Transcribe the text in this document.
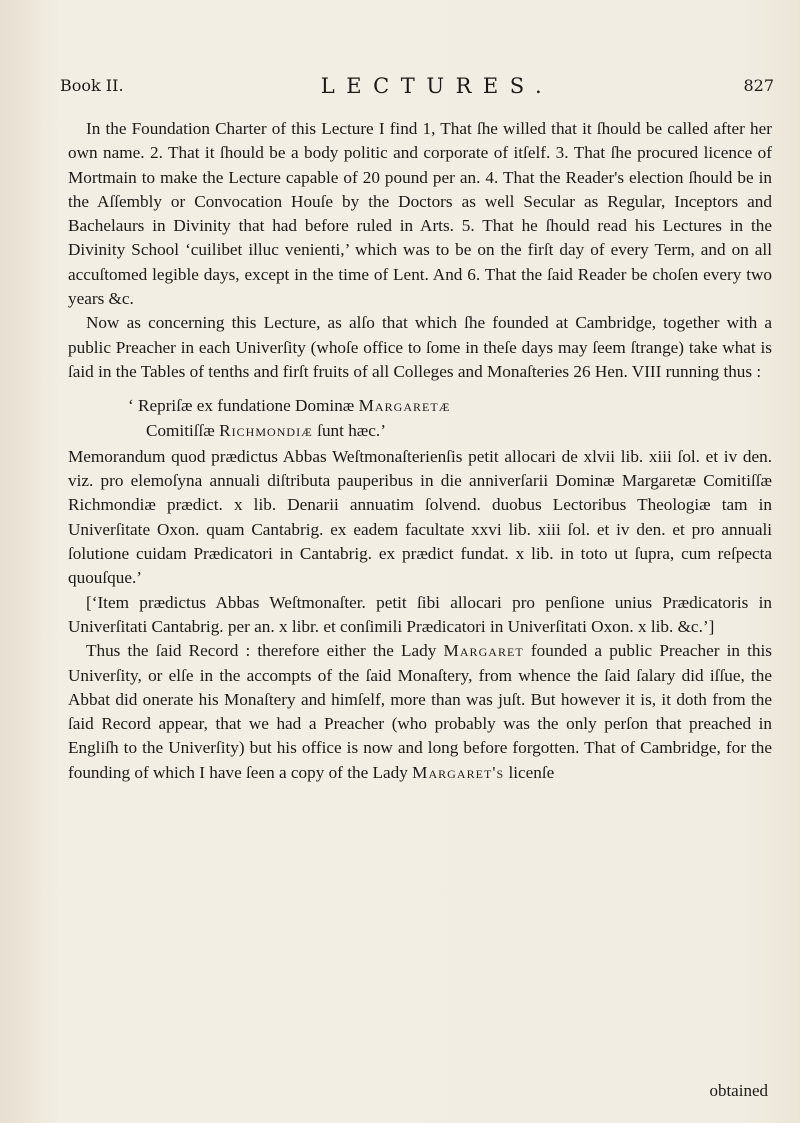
Book II.	LECTURES.	827

In the Foundation Charter of this Lecture I find 1, That ſhe willed that it ſhould be called after her own name. 2. That it ſhould be a body politic and corporate of itſelf. 3. That ſhe procured licence of Mortmain to make the Lecture capable of 20 pound per an. 4. That the Reader's election ſhould be in the Aſſembly or Convocation Houſe by the Doctors as well Secular as Regular, Inceptors and Bachelaurs in Divinity that had before ruled in Arts. 5. That he ſhould read his Lectures in the Divinity School ‘cuilibet illuc venienti,’ which was to be on the firſt day of every Term, and on all accuſtomed legible days, except in the time of Lent. And 6. That the ſaid Reader be choſen every two years &c.

Now as concerning this Lecture, as alſo that which ſhe founded at Cambridge, together with a public Preacher in each Univerſity (whoſe office to ſome in theſe days may ſeem ſtrange) take what is ſaid in the Tables of tenths and firſt fruits of all Colleges and Monaſteries 26 Hen. VIII running thus :

‘ Repriſæ ex fundatione Dominæ Margaretæ

Comitiſſæ Richmondiæ ſunt hæc.’

Memorandum quod prædictus Abbas Weſtmonaſterienſis petit allocari de xlvii lib. xiii ſol. et iv den. viz. pro elemoſyna annuali diſtributa pauperibus in die anniverſarii Dominæ Margaretæ Comitiſſæ Richmondiæ prædict. x lib. Denarii annuatim ſolvend. duobus Lectoribus Theologiæ tam in Univerſitate Oxon. quam Cantabrig. ex eadem facultate xxvi lib. xiii ſol. et iv den. et pro annuali ſolutione cuidam Prædicatori in Cantabrig. ex prædict fundat. x lib. in toto ut ſupra, cum reſpecta quouſque.’

[‘Item prædictus Abbas Weſtmonaſter. petit ſibi allocari pro penſione unius Prædicatoris in Univerſitati Cantabrig. per an. x libr. et conſimili Prædicatori in Univerſitati Oxon. x lib. &c.’]

Thus the ſaid Record : therefore either the Lady Margaret founded a public Preacher in this Univerſity, or elſe in the accompts of the ſaid Monaſtery, from whence the ſaid ſalary did iſſue, the Abbat did onerate his Monaſtery and himſelf, more than was juſt. But however it is, it doth from the ſaid Record appear, that we had a Preacher (who probably was the only perſon that preached in Engliſh to the Univerſity) but his office is now and long before forgotten. That of Cambridge, for the founding of which I have ſeen a copy of the Lady Margaret's licenſe

obtained
